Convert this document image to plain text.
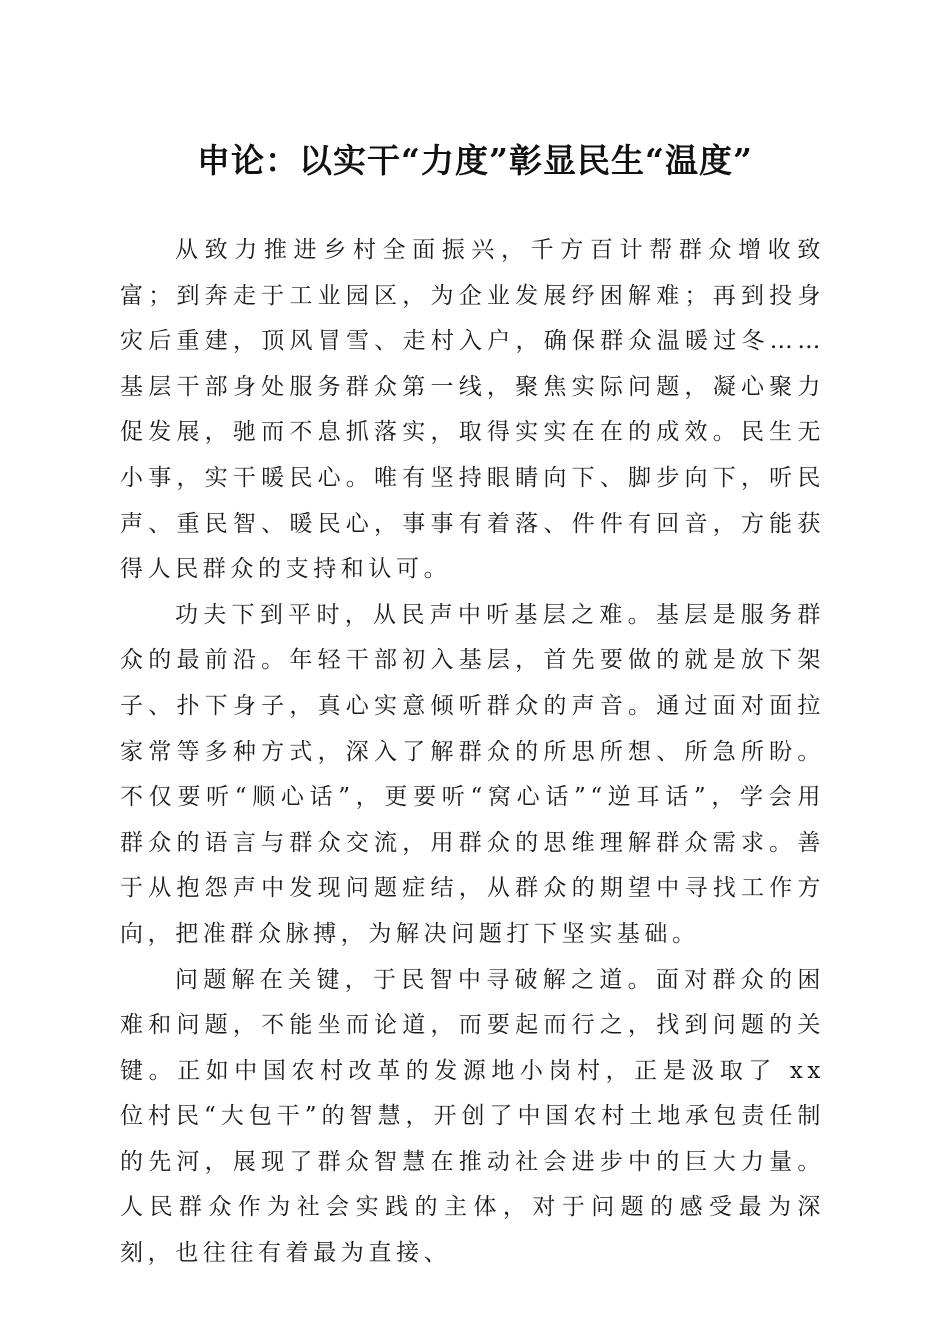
申论：以实干“力度”彰显民生“温度”

从致力推进乡村全面振兴，千方百计帮群众增收致富；到奔走于工业园区，为企业发展纾困解难；再到投身灾后重建，顶风冒雪、走村入户，确保群众温暖过冬……基层干部身处服务群众第一线，聚焦实际问题，凝心聚力促发展，驰而不息抓落实，取得实实在在的成效。民生无小事，实干暖民心。唯有坚持眼睛向下、脚步向下，听民声、重民智、暖民心，事事有着落、件件有回音，方能获得人民群众的支持和认可。

功夫下到平时，从民声中听基层之难。基层是服务群众的最前沿。年轻干部初入基层，首先要做的就是放下架子、扑下身子，真心实意倾听群众的声音。通过面对面拉家常等多种方式，深入了解群众的所思所想、所急所盼。不仅要听“顺心话”，更要听“窝心话”“逆耳话”，学会用群众的语言与群众交流，用群众的思维理解群众需求。善于从抱怨声中发现问题症结，从群众的期望中寻找工作方向，把准群众脉搏，为解决问题打下坚实基础。

问题解在关键，于民智中寻破解之道。面对群众的困难和问题，不能坐而论道，而要起而行之，找到问题的关键。正如中国农村改革的发源地小岗村，正是汲取了 xx 位村民“大包干”的智慧，开创了中国农村土地承包责任制的先河，展现了群众智慧在推动社会进步中的巨大力量。人民群众作为社会实践的主体，对于问题的感受最为深刻，也往往有着最为直接、
